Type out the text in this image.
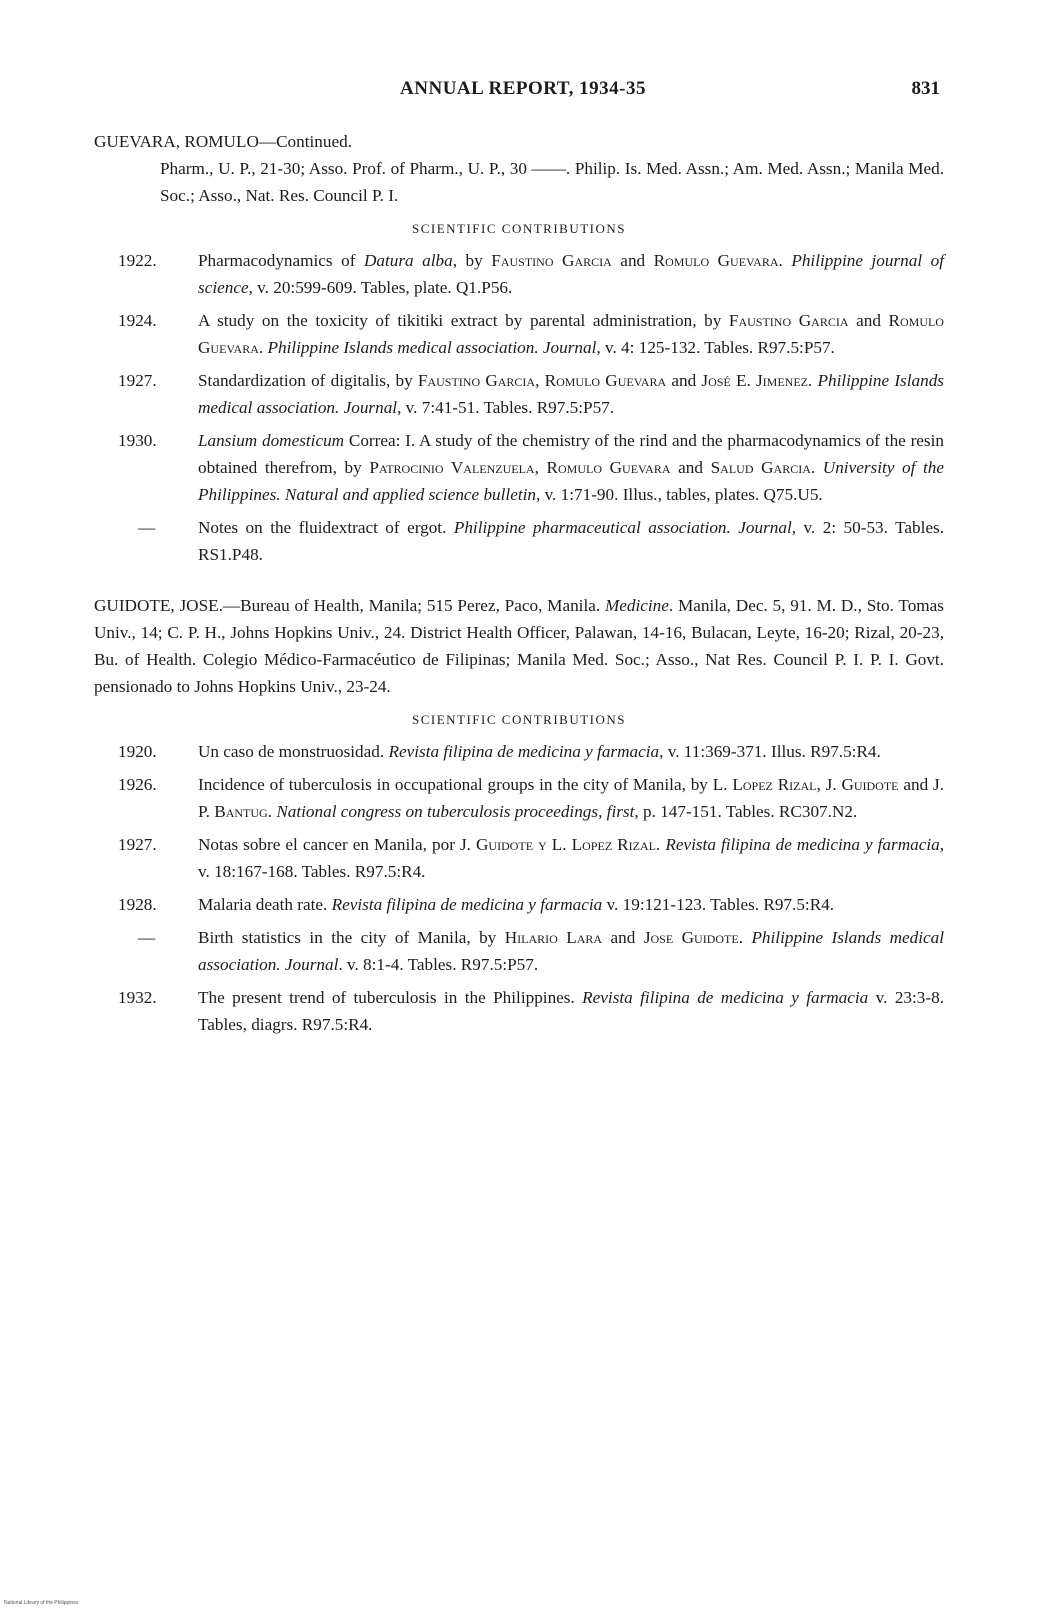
ANNUAL REPORT, 1934-35	831

GUEVARA, ROMULO—Continued.

Pharm., U. P., 21-30; Asso. Prof. of Pharm., U. P., 30 ——. Philip. Is. Med. Assn.; Am. Med. Assn.; Manila Med. Soc.; Asso., Nat. Res. Council P. I.

SCIENTIFIC CONTRIBUTIONS
1922. Pharmacodynamics of Datura alba, by Faustino Garcia and Romulo Guevara. Philippine journal of science, v. 20:599-609. Tables, plate. Q1.P56.
1924. A study on the toxicity of tikitiki extract by parental administration, by Faustino Garcia and Romulo Guevara. Philippine Islands medical association. Journal, v. 4: 125-132. Tables. R97.5:P57.
1927. Standardization of digitalis, by Faustino Garcia, Romulo Guevara and José E. Jimenez. Philippine Islands medical association. Journal, v. 7:41-51. Tables. R97.5:P57.
1930. Lansium domesticum Correa: I. A study of the chemistry of the rind and the pharmacodynamics of the resin obtained therefrom, by Patrocinio Valenzuela, Romulo Guevara and Salud Garcia. University of the Philippines. Natural and applied science bulletin, v. 1:71-90. Illus., tables, plates. Q75.U5.
— Notes on the fluidextract of ergot. Philippine pharmaceutical association. Journal, v. 2: 50-53. Tables. RS1.P48.

GUIDOTE, JOSE.—Bureau of Health, Manila; 515 Perez, Paco, Manila. Medicine. Manila, Dec. 5, 91. M. D., Sto. Tomas Univ., 14; C. P. H., Johns Hopkins Univ., 24. District Health Officer, Palawan, 14-16, Bulacan, Leyte, 16-20; Rizal, 20-23, Bu. of Health. Colegio Médico-Farmacéutico de Filipinas; Manila Med. Soc.; Asso., Nat Res. Council P. I. P. I. Govt. pensionado to Johns Hopkins Univ., 23-24.

SCIENTIFIC CONTRIBUTIONS
1920. Un caso de monstruosidad. Revista filipina de medicina y farmacia, v. 11:369-371. Illus. R97.5:R4.
1926. Incidence of tuberculosis in occupational groups in the city of Manila, by L. Lopez Rizal, J. Guidote and J. P. Bantug. National congress on tuberculosis proceedings, first, p. 147-151. Tables. RC307.N2.
1927. Notas sobre el cancer en Manila, por J. Guidote y L. Lopez Rizal. Revista filipina de medicina y farmacia, v. 18:167-168. Tables. R97.5:R4.
1928. Malaria death rate. Revista filipina de medicina y farmacia v. 19:121-123. Tables. R97.5:R4.
— Birth statistics in the city of Manila, by Hilario Lara and Jose Guidote. Philippine Islands medical association. Journal. v. 8:1-4. Tables. R97.5:P57.
1932. The present trend of tuberculosis in the Philippines. Revista filipina de medicina y farmacia v. 23:3-8. Tables, diagrs. R97.5:R4.
National Library of the Philippines
